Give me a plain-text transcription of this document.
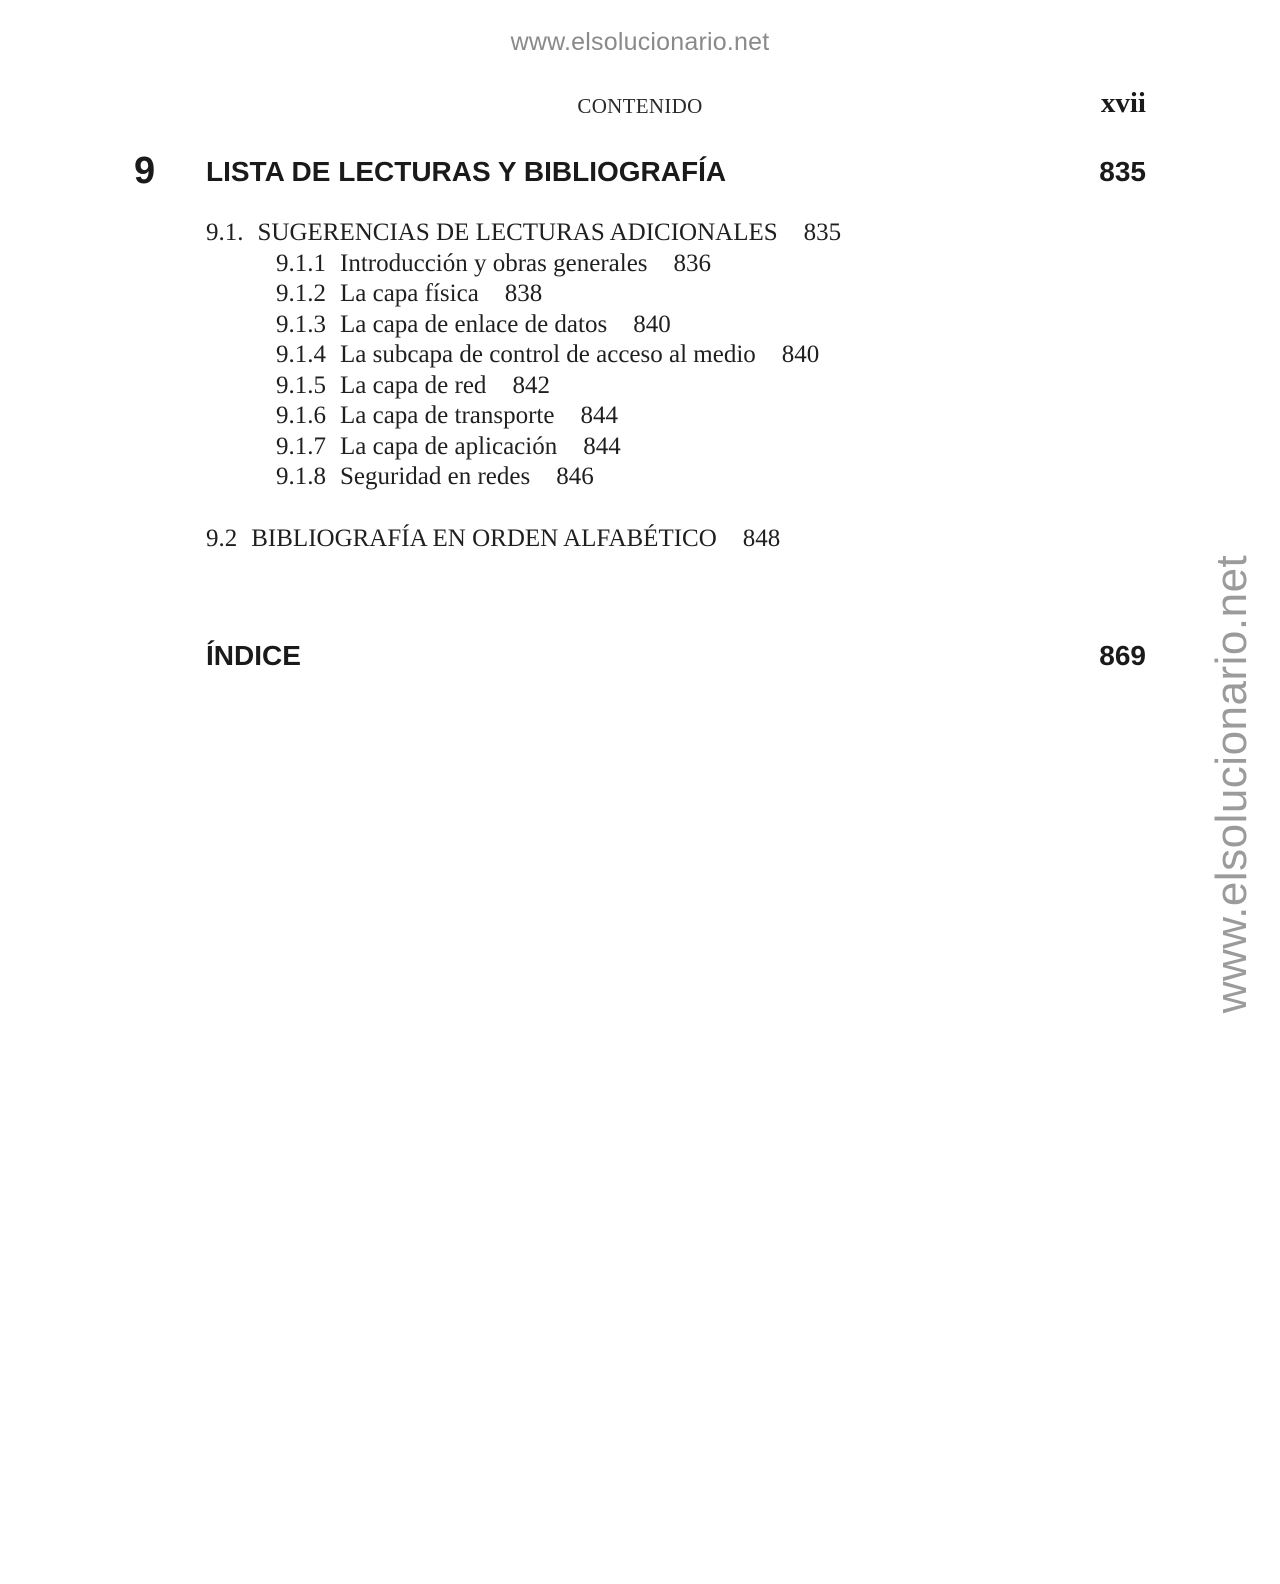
www.elsolucionario.net
www.elsolucionario.net
CONTENIDO	xvii
9 LISTA DE LECTURAS Y BIBLIOGRAFÍA	835
9.1. SUGERENCIAS DE LECTURAS ADICIONALES 835
9.1.1 Introducción y obras generales 836
9.1.2 La capa física 838
9.1.3 La capa de enlace de datos 840
9.1.4 La subcapa de control de acceso al medio 840
9.1.5 La capa de red 842
9.1.6 La capa de transporte 844
9.1.7 La capa de aplicación 844
9.1.8 Seguridad en redes 846
9.2 BIBLIOGRAFÍA EN ORDEN ALFABÉTICO 848
ÍNDICE	869
